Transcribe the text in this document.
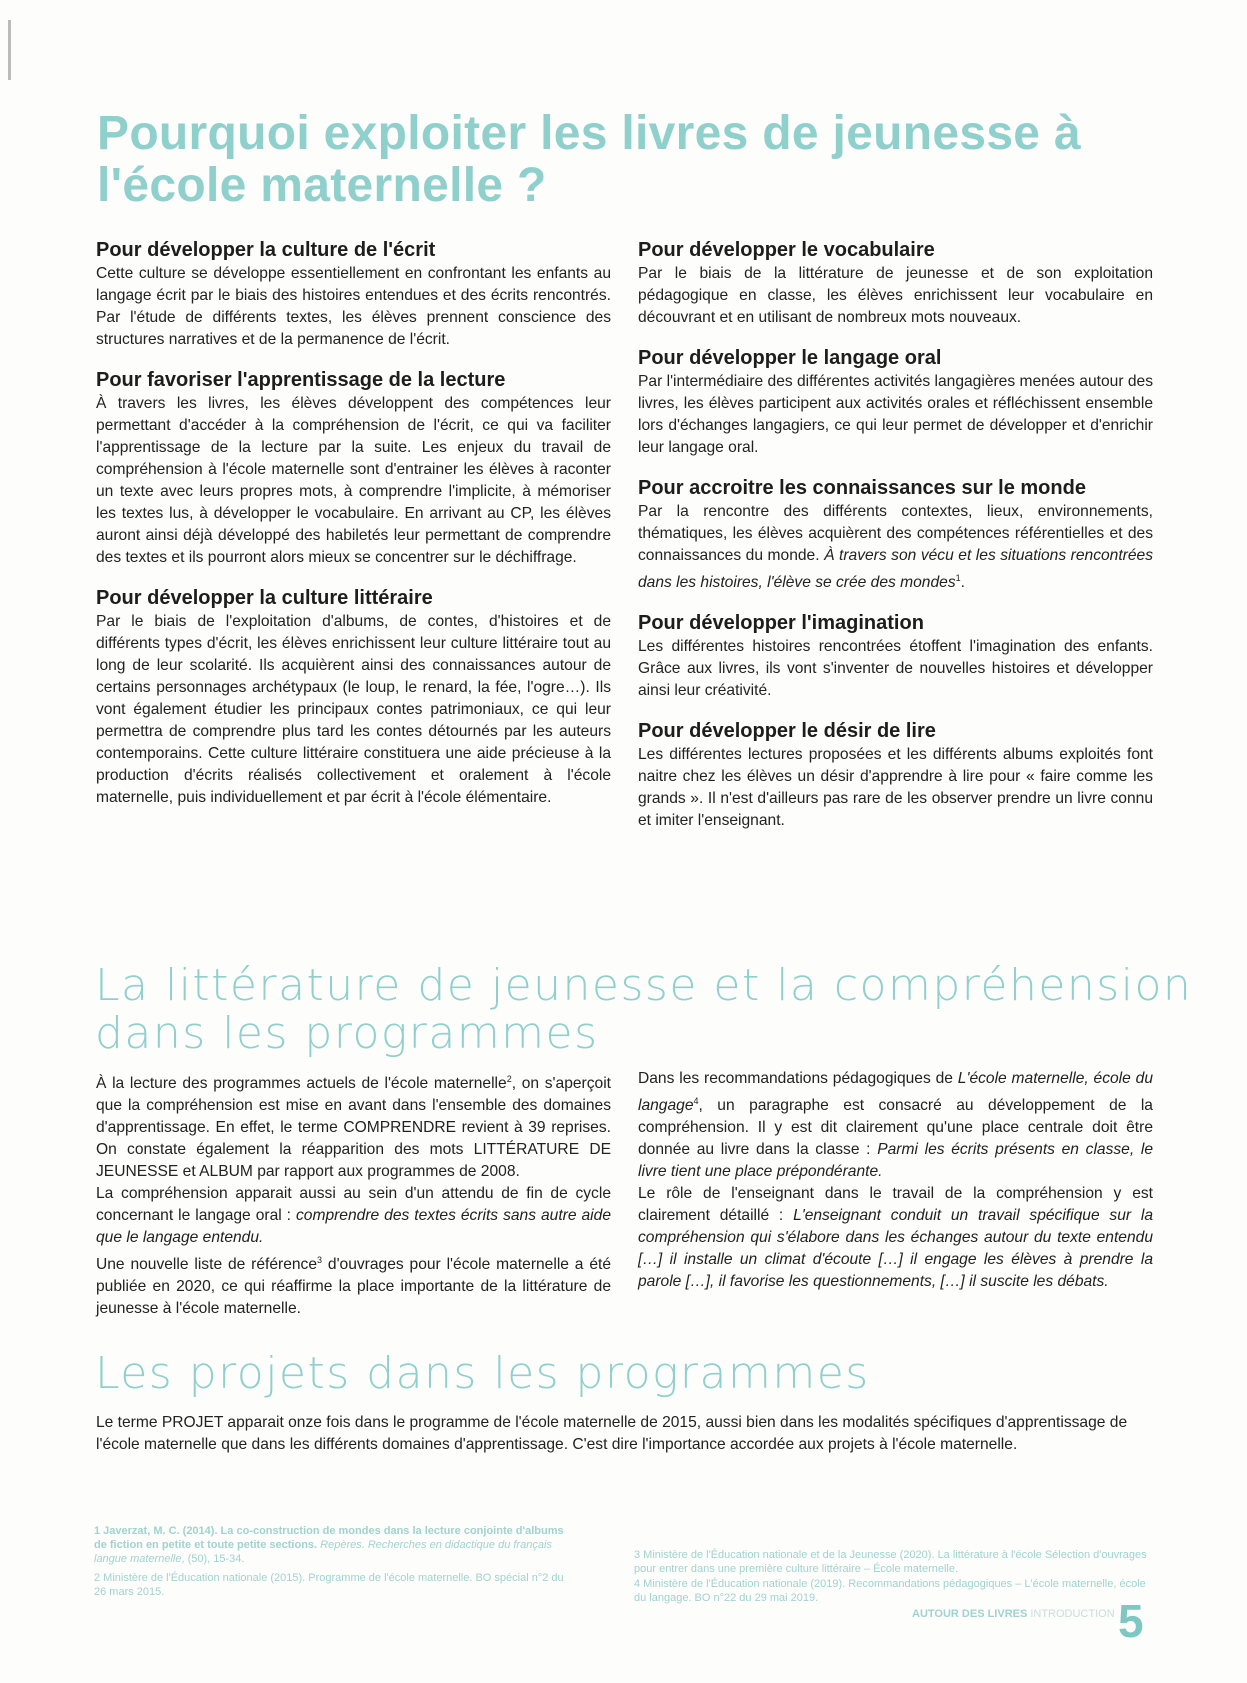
Pourquoi exploiter les livres de jeunesse à l'école maternelle ?
Pour développer la culture de l'écrit

Cette culture se développe essentiellement en confrontant les enfants au langage écrit par le biais des histoires entendues et des écrits rencontrés. Par l'étude de différents textes, les élèves prennent conscience des structures narratives et de la permanence de l'écrit.

Pour favoriser l'apprentissage de la lecture

À travers les livres, les élèves développent des compétences leur permettant d'accéder à la compréhension de l'écrit, ce qui va faciliter l'apprentissage de la lecture par la suite. Les enjeux du travail de compréhension à l'école maternelle sont d'entrainer les élèves à raconter un texte avec leurs propres mots, à comprendre l'implicite, à mémoriser les textes lus, à développer le vocabulaire. En arrivant au CP, les élèves auront ainsi déjà développé des habiletés leur permettant de comprendre des textes et ils pourront alors mieux se concentrer sur le déchiffrage.

Pour développer la culture littéraire

Par le biais de l'exploitation d'albums, de contes, d'histoires et de différents types d'écrit, les élèves enrichissent leur culture littéraire tout au long de leur scolarité. Ils acquièrent ainsi des connaissances autour de certains personnages archétypaux (le loup, le renard, la fée, l'ogre…). Ils vont également étudier les principaux contes patrimoniaux, ce qui leur permettra de comprendre plus tard les contes détournés par les auteurs contemporains. Cette culture littéraire constituera une aide précieuse à la production d'écrits réalisés collectivement et oralement à l'école maternelle, puis individuellement et par écrit à l'école élémentaire.

Pour développer le vocabulaire

Par le biais de la littérature de jeunesse et de son exploitation pédagogique en classe, les élèves enrichissent leur vocabulaire en découvrant et en utilisant de nombreux mots nouveaux.

Pour développer le langage oral

Par l'intermédiaire des différentes activités langagières menées autour des livres, les élèves participent aux activités orales et réfléchissent ensemble lors d'échanges langagiers, ce qui leur permet de développer et d'enrichir leur langage oral.

Pour accroitre les connaissances sur le monde

Par la rencontre des différents contextes, lieux, environnements, thématiques, les élèves acquièrent des compétences référentielles et des connaissances du monde. À travers son vécu et les situations rencontrées dans les histoires, l'élève se crée des mondes$^1$.

Pour développer l'imagination

Les différentes histoires rencontrées étoffent l'imagination des enfants. Grâce aux livres, ils vont s'inventer de nouvelles histoires et développer ainsi leur créativité.

Pour développer le désir de lire

Les différentes lectures proposées et les différents albums exploités font naitre chez les élèves un désir d'apprendre à lire pour « faire comme les grands ». Il n'est d'ailleurs pas rare de les observer prendre un livre connu et imiter l'enseignant.

La littérature de jeunesse et la compréhension
dans les programmes
À la lecture des programmes actuels de l'école maternelle$^2$, on s'aperçoit que la compréhension est mise en avant dans l'ensemble des domaines d'apprentissage. En effet, le terme COMPRENDRE revient à 39 reprises. On constate également la réapparition des mots LITTÉRATURE DE JEUNESSE et ALBUM par rapport aux programmes de 2008.
La compréhension apparait aussi au sein d'un attendu de fin de cycle concernant le langage oral : comprendre des textes écrits sans autre aide que le langage entendu.
Une nouvelle liste de référence$^3$ d'ouvrages pour l'école maternelle a été publiée en 2020, ce qui réaffirme la place importante de la littérature de jeunesse à l'école maternelle.
Dans les recommandations pédagogiques de L'école maternelle, école du langage$^4$, un paragraphe est consacré au développement de la compréhension. Il y est dit clairement qu'une place centrale doit être donnée au livre dans la classe : Parmi les écrits présents en classe, le livre tient une place prépondérante.
Le rôle de l'enseignant dans le travail de la compréhension y est clairement détaillé : L'enseignant conduit un travail spécifique sur la compréhension qui s'élabore dans les échanges autour du texte entendu […] il installe un climat d'écoute […] il engage les élèves à prendre la parole […], il favorise les questionnements, […] il suscite les débats.
Les projets dans les programmes
Le terme PROJET apparait onze fois dans le programme de l'école maternelle de 2015, aussi bien dans les modalités spécifiques d'apprentissage de l'école maternelle que dans les différents domaines d'apprentissage. C'est dire l'importance accordée aux projets à l'école maternelle.

1 Javerzat, M. C. (2014). La co-construction de mondes dans la lecture conjointe d'albums de fiction en petite et toute petite sections. Repères. Recherches en didactique du français langue maternelle, (50), 15-34.

2 Ministère de l'Éducation nationale (2015). Programme de l'école maternelle. BO spécial n°2 du 26 mars 2015.

3 Ministère de l'Éducation nationale et de la Jeunesse (2020). La littérature à l'école Sélection d'ouvrages pour entrer dans une première culture littéraire – École maternelle.

4 Ministère de l'Éducation nationale (2019). Recommandations pédagogiques – L'école maternelle, école du langage. BO n°22 du 29 mai 2019.

AUTOUR DES LIVRES INTRODUCTION 5
